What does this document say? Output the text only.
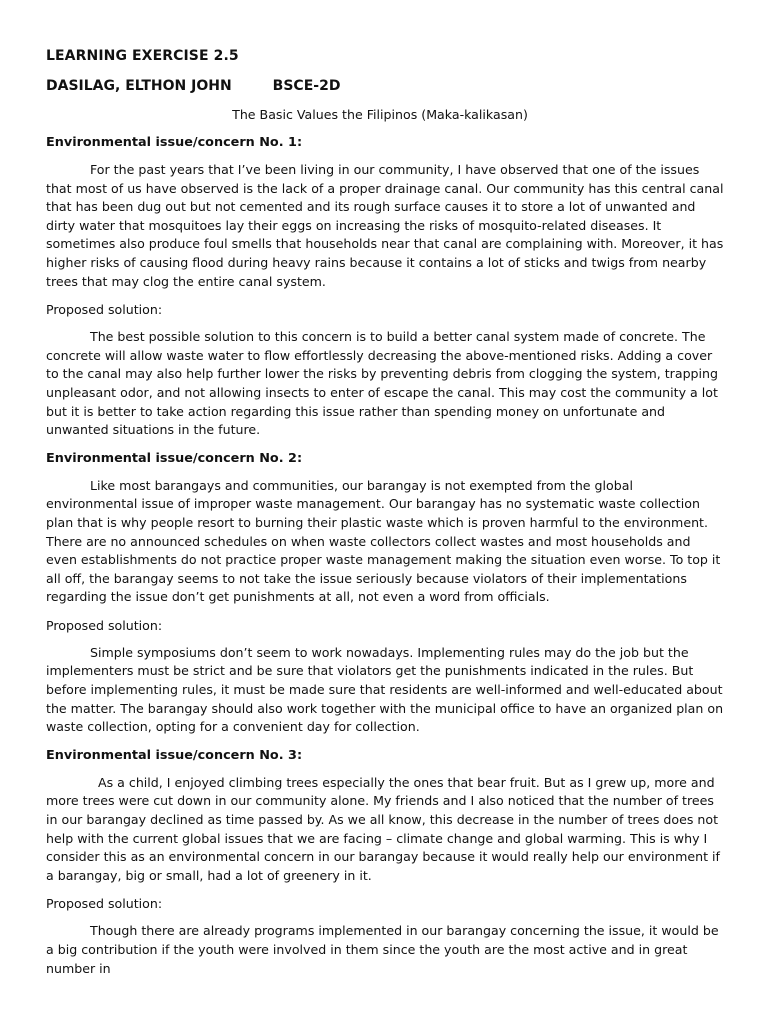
LEARNING EXERCISE 2.5
DASILAG, ELTHON JOHN	BSCE-2D
The Basic Values the Filipinos (Maka-kalikasan)
Environmental issue/concern No. 1:
For the past years that I’ve been living in our community, I have observed that one of the issues that most of us have observed is the lack of a proper drainage canal. Our community has this central canal that has been dug out but not cemented and its rough surface causes it to store a lot of unwanted and dirty water that mosquitoes lay their eggs on increasing the risks of mosquito-related diseases. It sometimes also produce foul smells that households near that canal are complaining with. Moreover, it has higher risks of causing flood during heavy rains because it contains a lot of sticks and twigs from nearby trees that may clog the entire canal system.
Proposed solution:
The best possible solution to this concern is to build a better canal system made of concrete. The concrete will allow waste water to flow effortlessly decreasing the above-mentioned risks. Adding a cover to the canal may also help further lower the risks by preventing debris from clogging the system, trapping unpleasant odor, and not allowing insects to enter of escape the canal. This may cost the community a lot but it is better to take action regarding this issue rather than spending money on unfortunate and unwanted situations in the future.
Environmental issue/concern No. 2:
Like most barangays and communities, our barangay is not exempted from the global environmental issue of improper waste management. Our barangay has no systematic waste collection plan that is why people resort to burning their plastic waste which is proven harmful to the environment. There are no announced schedules on when waste collectors collect wastes and most households and even establishments do not practice proper waste management making the situation even worse. To top it all off, the barangay seems to not take the issue seriously because violators of their implementations regarding the issue don’t get punishments at all, not even a word from officials.
Proposed solution:
Simple symposiums don’t seem to work nowadays. Implementing rules may do the job but the implementers must be strict and be sure that violators get the punishments indicated in the rules. But before implementing rules, it must be made sure that residents are well-informed and well-educated about the matter. The barangay should also work together with the municipal office to have an organized plan on waste collection, opting for a convenient day for collection.
Environmental issue/concern No. 3:
As a child, I enjoyed climbing trees especially the ones that bear fruit. But as I grew up, more and more trees were cut down in our community alone. My friends and I also noticed that the number of trees in our barangay declined as time passed by. As we all know, this decrease in the number of trees does not help with the current global issues that we are facing – climate change and global warming. This is why I consider this as an environmental concern in our barangay because it would really help our environment if a barangay, big or small, had a lot of greenery in it.
Proposed solution:
Though there are already programs implemented in our barangay concerning the issue, it would be a big contribution if the youth were involved in them since the youth are the most active and in great number in
